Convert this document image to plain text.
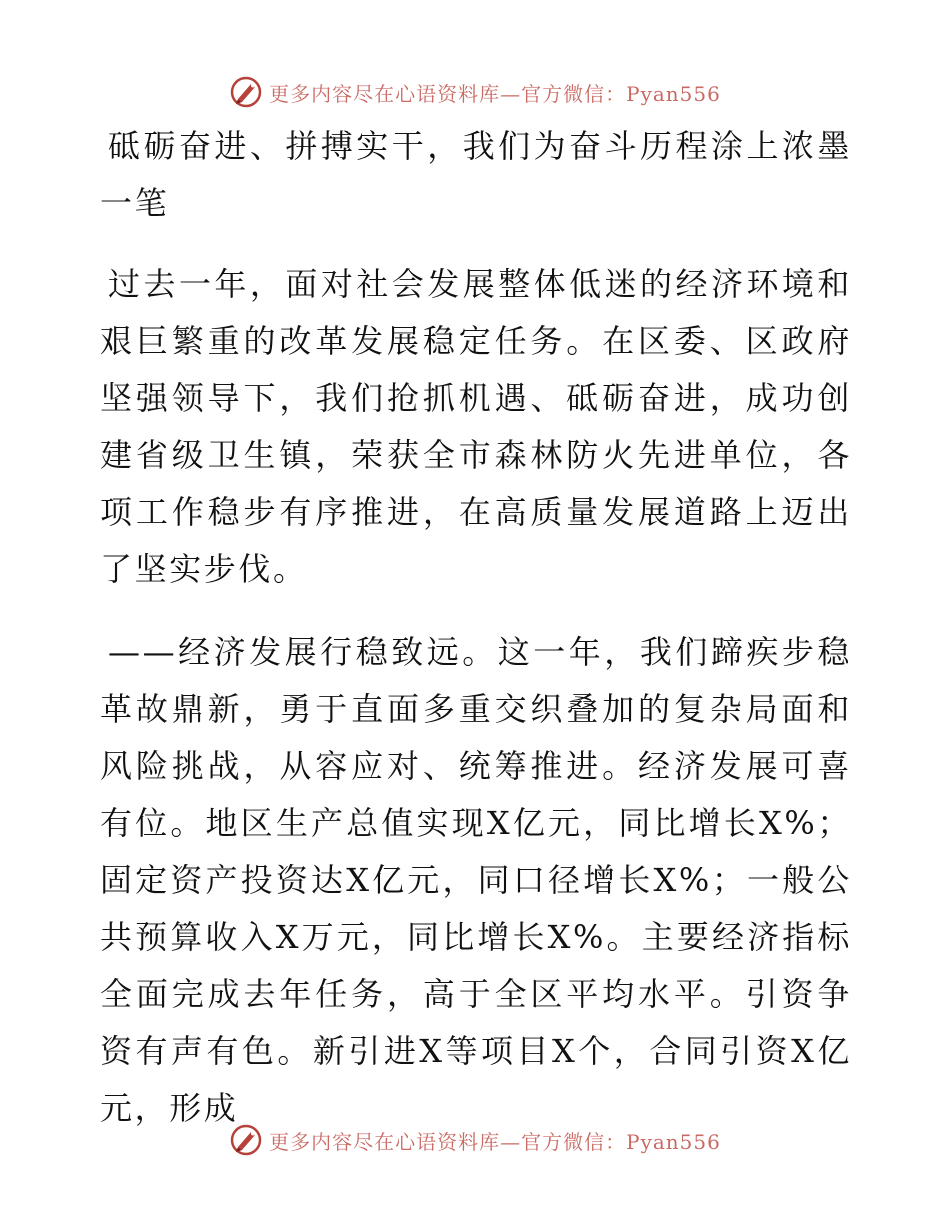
更多内容尽在心语资料库—官方微信：Pyan556

砥砺奋进、拼搏实干，我们为奋斗历程涂上浓墨一笔

过去一年，面对社会发展整体低迷的经济环境和艰巨繁重的改革发展稳定任务。在区委、区政府坚强领导下，我们抢抓机遇、砥砺奋进，成功创建省级卫生镇，荣获全市森林防火先进单位，各项工作稳步有序推进，在高质量发展道路上迈出了坚实步伐。

——经济发展行稳致远。这一年，我们蹄疾步稳革故鼎新，勇于直面多重交织叠加的复杂局面和风险挑战，从容应对、统筹推进。经济发展可喜有位。地区生产总值实现X亿元，同比增长X%；固定资产投资达X亿元，同口径增长X%；一般公共预算收入X万元，同比增长X%。主要经济指标全面完成去年任务，高于全区平均水平。引资争资有声有色。新引进X等项目X个，合同引资X亿元，形成

更多内容尽在心语资料库—官方微信：Pyan556
